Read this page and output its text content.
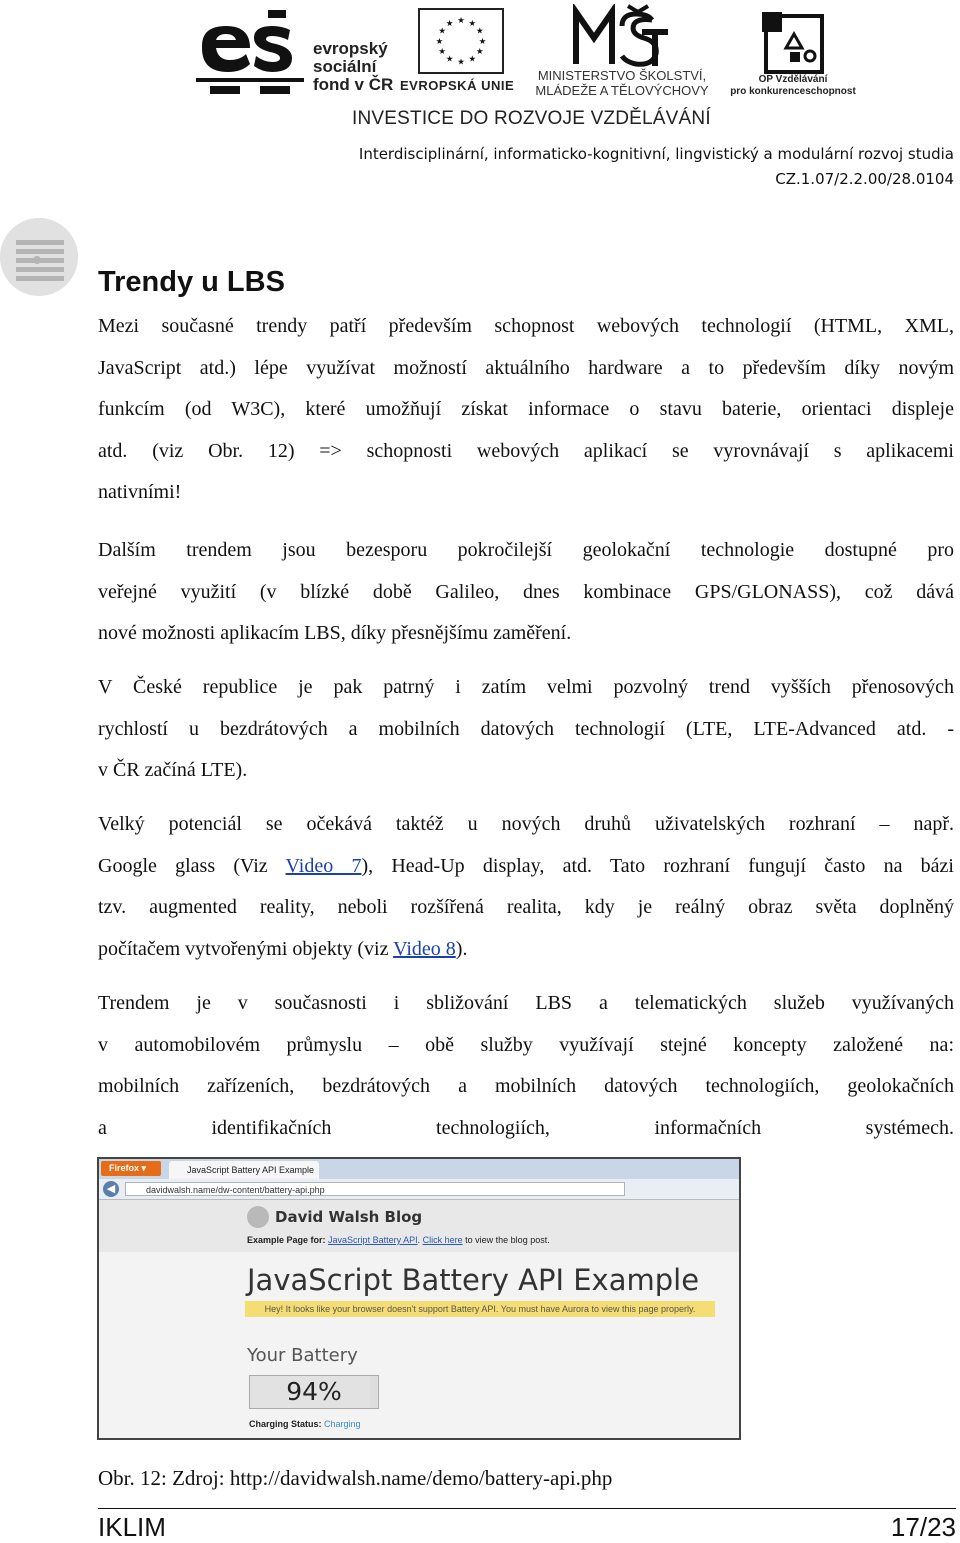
evropský
sociální
fond v ČR
★ ★
★
★
★
★
★
★
★
★
★
★
EVROPSKÁ UNIE
MINISTERSTVO ŠKOLSTVÍ,
MLÁDEŽE A TĚLOVÝCHOVY
OP Vzdělávání
pro konkurenceschopnost
INVESTICE DO ROZVOJE VZDĚLÁVÁNÍ
Interdisciplinární, informaticko-kognitivní, lingvistický a modulární rozvoj studia
CZ.1.07/2.2.00/28.0104
Trendy u LBS
Mezi současné trendy patří především schopnost webových technologií (HTML, XML,
JavaScript atd.) lépe využívat možností aktuálního hardware a to především díky novým
funkcím (od W3C), které umožňují získat informace o stavu baterie, orientaci displeje
atd. (viz Obr. 12) => schopnosti webových aplikací se vyrovnávají s aplikacemi
nativními!
Dalším trendem jsou bezesporu pokročilejší geolokační technologie dostupné pro
veřejné využití (v blízké době Galileo, dnes kombinace GPS/GLONASS), což dává
nové možnosti aplikacím LBS, díky přesnějšímu zaměření.
V České republice je pak patrný i zatím velmi pozvolný trend vyšších přenosových
rychlostí u bezdrátových a mobilních datových technologií (LTE, LTE-Advanced atd. -
v ČR začíná LTE).
Velký potenciál se očekává taktéž u nových druhů uživatelských rozhraní – např.
Google glass (Viz Video 7), Head-Up display, atd. Tato rozhraní fungují často na bázi
tzv. augmented reality, neboli rozšířená realita, kdy je reálný obraz světa doplněný
počítačem vytvořenými objekty (viz Video 8).
Trendem je v současnosti i sbližování LBS a telematických služeb využívaných
v automobilovém průmyslu – obě služby využívají stejné koncepty založené na:
mobilních zařízeních, bezdrátových a mobilních datových technologiích, geolokačních
a identifikačních technologiích, informačních systémech.
Firefox ▾	JavaScript Battery API Example
◀	davidwalsh.name/dw-content/battery-api.php
David Walsh Blog
Example Page for: JavaScript Battery API. Click here to view the blog post.
JavaScript Battery API Example
Hey! It looks like your browser doesn't support Battery API. You must have Aurora to view this page properly.
Your Battery
94%
Charging Status: Charging
Obr. 12: Zdroj: http://davidwalsh.name/demo/battery-api.php
IKLIM	17/23
